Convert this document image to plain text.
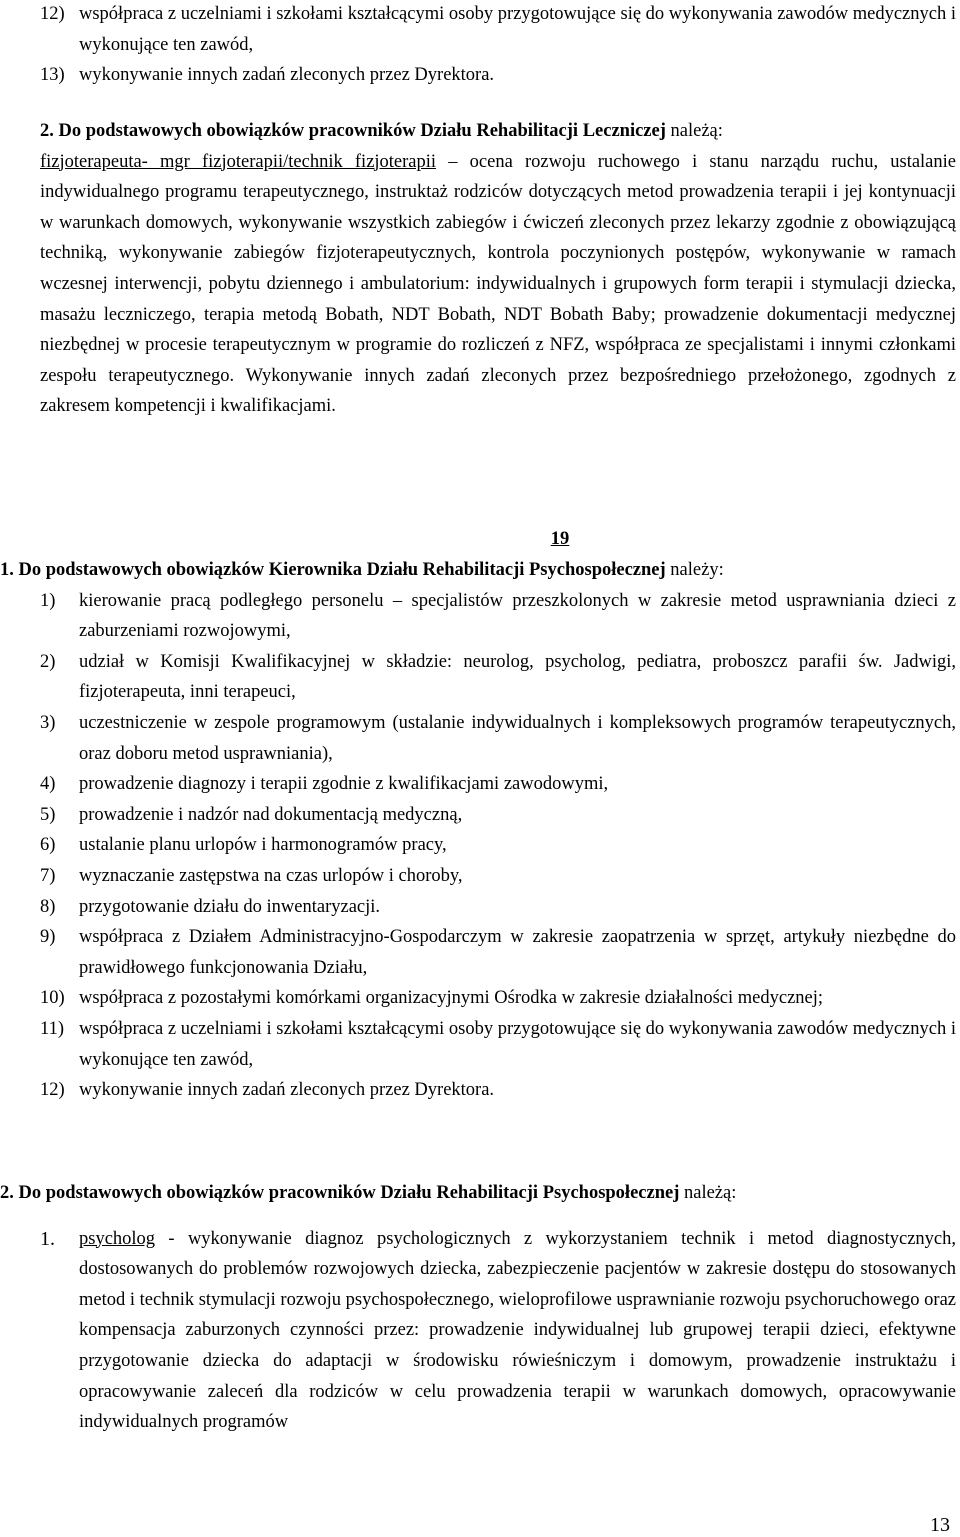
12) współpraca z uczelniami i szkołami kształcącymi osoby przygotowujące się do wykonywania zawodów medycznych i wykonujące ten zawód,
13) wykonywanie innych zadań zleconych przez Dyrektora.

2. Do podstawowych obowiązków pracowników Działu Rehabilitacji Leczniczej należą:

fizjoterapeuta- mgr fizjoterapii/technik fizjoterapii – ocena rozwoju ruchowego i stanu narządu ruchu, ustalanie indywidualnego programu terapeutycznego, instruktaż rodziców dotyczących metod prowadzenia terapii i jej kontynuacji w warunkach domowych, wykonywanie wszystkich zabiegów i ćwiczeń zleconych przez lekarzy zgodnie z obowiązującą techniką, wykonywanie zabiegów fizjoterapeutycznych, kontrola poczynionych postępów, wykonywanie w ramach wczesnej interwencji, pobytu dziennego i ambulatorium: indywidualnych i grupowych form terapii i stymulacji dziecka, masażu leczniczego, terapia metodą Bobath, NDT Bobath, NDT Bobath Baby; prowadzenie dokumentacji medycznej niezbędnej w procesie terapeutycznym w programie do rozliczeń z NFZ, współpraca ze specjalistami i innymi członkami zespołu terapeutycznego. Wykonywanie innych zadań zleconych przez bezpośredniego przełożonego, zgodnych z zakresem kompetencji i kwalifikacjami.

19

1. Do podstawowych obowiązków Kierownika Działu Rehabilitacji Psychospołecznej należy:

1)	kierowanie pracą podległego personelu – specjalistów przeszkolonych w zakresie metod usprawniania dzieci z zaburzeniami rozwojowymi,
2)	udział w Komisji Kwalifikacyjnej w składzie: neurolog, psycholog, pediatra, proboszcz parafii św. Jadwigi, fizjoterapeuta, inni terapeuci,
3)	uczestniczenie w zespole programowym (ustalanie indywidualnych i kompleksowych programów terapeutycznych, oraz doboru metod usprawniania),
4)	prowadzenie diagnozy i terapii zgodnie z kwalifikacjami zawodowymi,
5)	prowadzenie i nadzór nad dokumentacją medyczną,
6)	ustalanie planu urlopów i harmonogramów pracy,
7)	wyznaczanie zastępstwa na czas urlopów i choroby,
8)	przygotowanie działu do inwentaryzacji.
9)	współpraca z Działem Administracyjno-Gospodarczym w zakresie zaopatrzenia w sprzęt, artykuły niezbędne do prawidłowego funkcjonowania Działu,
10) współpraca z pozostałymi komórkami organizacyjnymi Ośrodka w zakresie działalności medycznej;
11) współpraca z uczelniami i szkołami kształcącymi osoby przygotowujące się do wykonywania zawodów medycznych i wykonujące ten zawód,
12) wykonywanie innych zadań zleconych przez Dyrektora.

2. Do podstawowych obowiązków pracowników Działu Rehabilitacji Psychospołecznej należą:

1.	psycholog - wykonywanie diagnoz psychologicznych z wykorzystaniem technik i metod diagnostycznych, dostosowanych do problemów rozwojowych dziecka, zabezpieczenie pacjentów w zakresie dostępu do stosowanych metod i technik stymulacji rozwoju psychospołecznego, wieloprofilowe usprawnianie rozwoju psychoruchowego oraz kompensacja zaburzonych czynności przez: prowadzenie indywidualnej lub grupowej terapii dzieci, efektywne przygotowanie dziecka do adaptacji w środowisku rówieśniczym i domowym, prowadzenie instruktażu i opracowywanie zaleceń dla rodziców w celu prowadzenia terapii w warunkach domowych, opracowywanie indywidualnych programów
13
